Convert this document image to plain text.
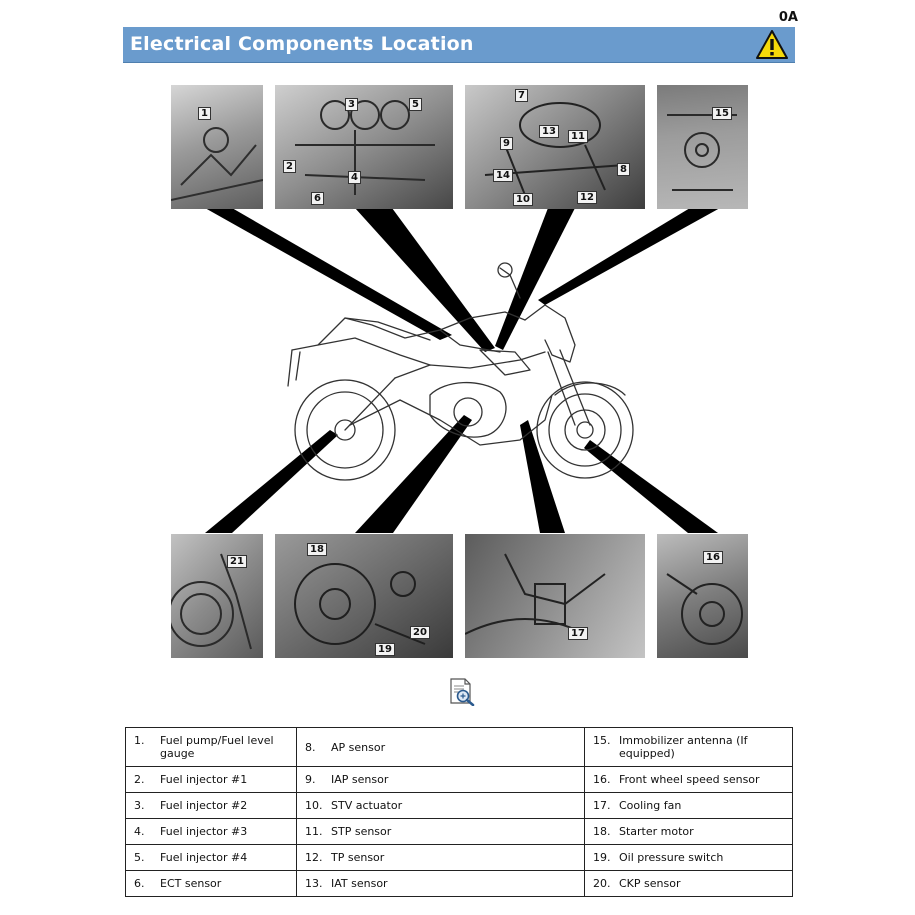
0A
Electrical Components Location
1
3	5
2
4
6
7
13	11
9
8
14
10	12
15
21
18
20
19
17
16
1. Fuel pump/Fuel level gauge	8. AP sensor	15. Immobilizer antenna (If equipped)
2. Fuel injector #1	9. IAP sensor	16. Front wheel speed sensor
3. Fuel injector #2	10. STV actuator	17. Cooling fan
4. Fuel injector #3	11. STP sensor	18. Starter motor
5. Fuel injector #4	12. TP sensor	19. Oil pressure switch
6. ECT sensor	13. IAT sensor	20. CKP sensor
